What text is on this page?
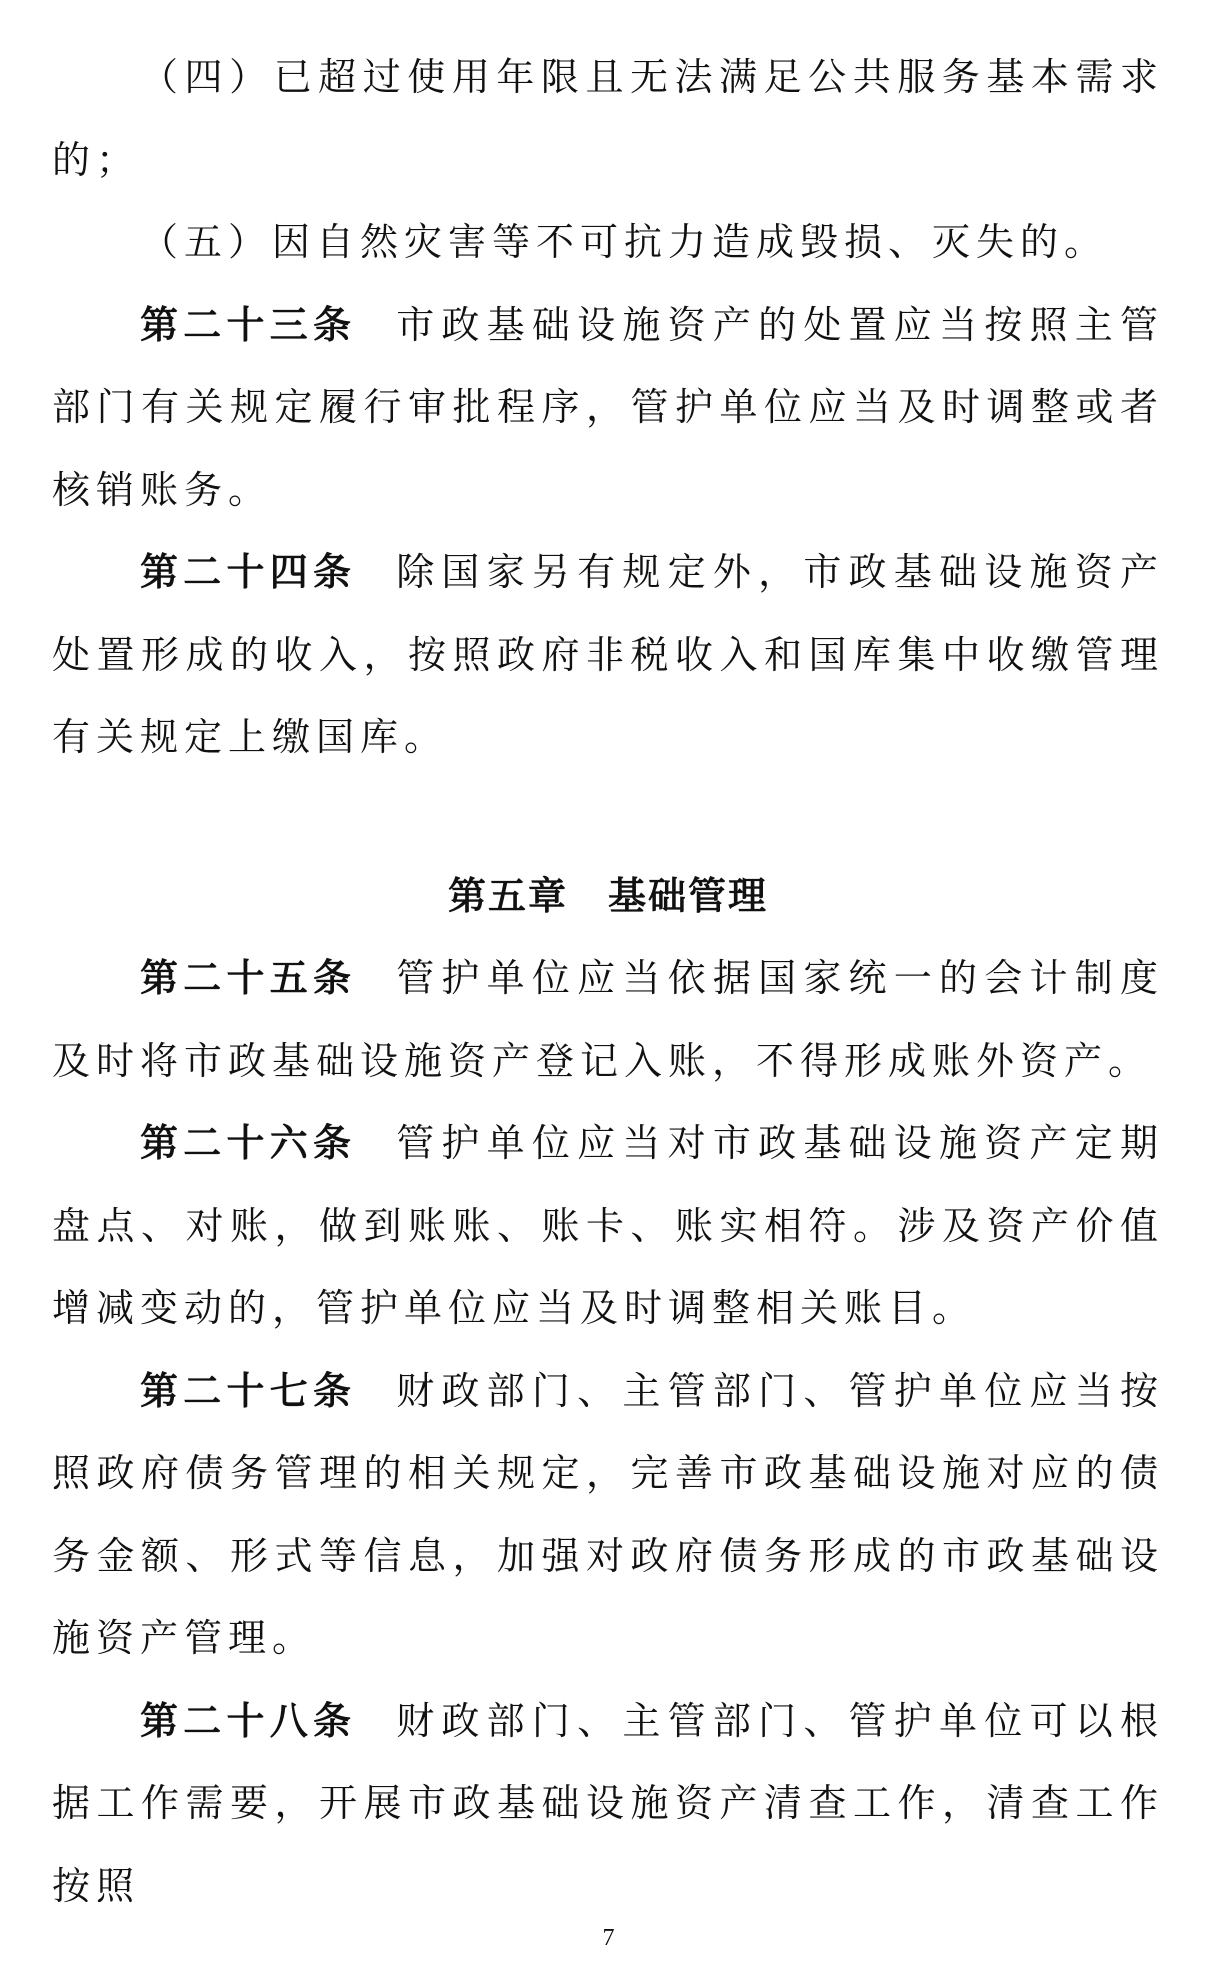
（四）已超过使用年限且无法满足公共服务基本需求的；

（五）因自然灾害等不可抗力造成毁损、灭失的。

第二十三条 市政基础设施资产的处置应当按照主管部门有关规定履行审批程序，管护单位应当及时调整或者核销账务。

第二十四条 除国家另有规定外，市政基础设施资产处置形成的收入，按照政府非税收入和国库集中收缴管理有关规定上缴国库。

第五章　基础管理

第二十五条 管护单位应当依据国家统一的会计制度及时将市政基础设施资产登记入账，不得形成账外资产。

第二十六条 管护单位应当对市政基础设施资产定期盘点、对账，做到账账、账卡、账实相符。涉及资产价值增减变动的，管护单位应当及时调整相关账目。

第二十七条 财政部门、主管部门、管护单位应当按照政府债务管理的相关规定，完善市政基础设施对应的债务金额、形式等信息，加强对政府债务形成的市政基础设施资产管理。

第二十八条 财政部门、主管部门、管护单位可以根据工作需要，开展市政基础设施资产清查工作，清查工作按照

7
